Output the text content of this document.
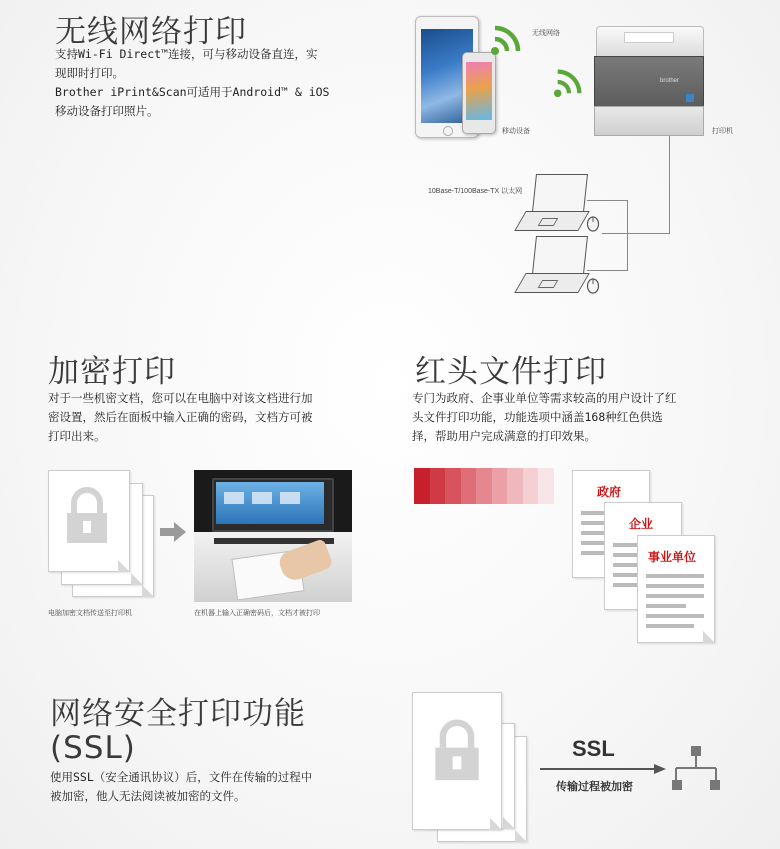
无线网络打印
支持Wi-Fi Direct™连接，可与移动设备直连，实
现即时打印。
Brother iPrint&Scan可适用于Android™ & iOS
移动设备打印照片。
无线网络
移动设备
brother
打印机
10Base-T/100Base-TX 以太网
加密打印
对于一些机密文档，您可以在电脑中对该文档进行加
密设置，然后在面板中输入正确的密码，文档方可被
打印出来。
电脑加密文档传送至打印机	在机器上输入正确密码后，文档才被打印
红头文件打印
专门为政府、企事业单位等需求较高的用户设计了红
头文件打印功能，功能选项中涵盖168种红色供选
择，帮助用户完成满意的打印效果。
政府
企业
事业单位
网络安全打印功能
(SSL)
使用SSL（安全通讯协议）后，文件在传输的过程中
被加密，他人无法阅读被加密的文件。
SSL
传输过程被加密
